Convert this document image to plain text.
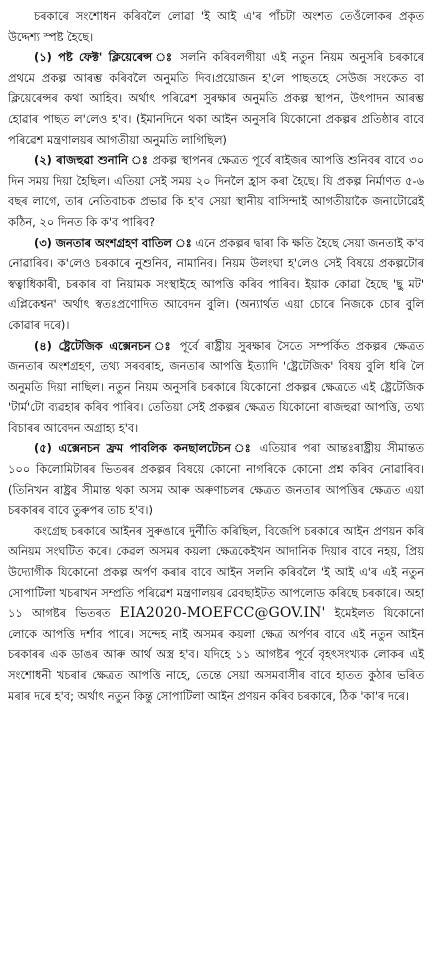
চৰকাৰে সংশোধন কৰিবলৈ লোৱা 'ই আই এ'ৰ পাঁচটা অংশত তেওঁলোকৰ প্ৰকৃত উদ্দেশ্য স্পষ্ট হৈছে।

(১) পষ্ট ফেক্ট' ক্লিয়েৰেন্স ঃ সলনি কৰিবলগীয়া এই নতুন নিয়ম অনুসৰি চৰকাৰে প্ৰথমে প্ৰকল্প আৰম্ভ কৰিবলৈ অনুমতি দিব।প্ৰয়োজন হ'লে পাছতহে সেউজ সংকেত বা ক্লিয়েৰেন্সৰ কথা আহিব। অৰ্থাৎ পৰিৱেশ সুৰক্ষাৰ অনুমতি প্ৰকল্প স্থাপন, উৎপাদন আৰম্ভ হোৱাৰ পাছত ল'লেও হ'ব। (ইমানদিনে থকা আইন অনুসৰি যিকোনো প্ৰকল্পৰ প্ৰতিষ্ঠাৰ বাবে পৰিৱেশ মন্ত্ৰণালয়ৰ আগতীয়া অনুমতি লাগিছিল)

(২) ৰাজহুৱা শুনানি ঃ প্ৰকল্প স্থাপনৰ ক্ষেত্ৰত পূৰ্বে ৰাইজৰ আপত্তি শুনিবৰ বাবে ৩০ দিন সময় দিয়া হৈছিল। এতিয়া সেই সময় ২০ দিনলৈ হ্ৰাস কৰা হৈছে। যি প্ৰকল্প নিৰ্মাণত ৫-৬ বছৰ লাগে, তাৰ নেতিবাচক প্ৰভাৱ কি হ'ব সেয়া স্থানীয় বাসিন্দাই আগতীয়াকৈ জনাটোৱেই কঠিন, ২০ দিনত কি ক'ব পাৰিব?

(৩) জনতাৰ অংশগ্ৰহণ বাতিল ঃ এনে প্ৰকল্পৰ দ্বাৰা কি ক্ষতি হৈছে সেয়া জনতাই ক'ব নোৱাৰিব। ক'লেও চৰকাৰে নুশুনিব, নামানিব। নিয়ম উলংঘা হ'লেও সেই বিষয়ে প্ৰকল্পটোৰ স্বত্বাধিকাৰী, চৰকাৰ বা নিয়ামক সংস্থাইহে আপত্তি কৰিব পাৰিব। ইয়াক কোৱা হৈছে 'ছু মট' এপ্লিকেশ্বন' অৰ্থাৎ স্বতঃপ্ৰণোদিত আবেদন বুলি। (অন্যাৰ্থত এয়া চোৰে নিজকে চোৰ বুলি কোৱাৰ দৰে)।

(৪) ষ্ট্ৰেটেজিক এক্সেনচন ঃ পূৰ্বে ৰাষ্ট্ৰীয় সুৰক্ষাৰ সৈতে সম্পৰ্কিত প্ৰকল্পৰ ক্ষেত্ৰত জনতাৰ অংশগ্ৰহণ, তথ্য সৰবৰাহ, জনতাৰ আপত্তি ইত্যাদি 'ষ্ট্ৰেটেজিক' বিষয় বুলি ধৰি লৈ অনুমতি দিয়া নাছিল। নতুন নিয়ম অনুসৰি চৰকাৰে যিকোনো প্ৰকল্পৰ ক্ষেত্ৰতে এই ষ্ট্ৰেটেজিক 'টাৰ্ম'টো ব্যৱহাৰ কৰিব পাৰিব। তেতিয়া সেই প্ৰকল্পৰ ক্ষেত্ৰত যিকোনো ৰাজহুৱা আপত্তি, তথ্য বিচাৰৰ আবেদন অগ্ৰাহ্য হ'ব।

(৫) এক্সেনচন ফ্ৰম পাবলিক কনছালটেচন ঃ এতিয়াৰ পৰা আন্তঃৰাষ্ট্ৰীয় সীমান্তত ১০০ কিলোমিটাৰৰ ভিতৰৰ প্ৰকল্পৰ বিষয়ে কোনো নাগৰিকে কোনো প্ৰশ্ন কৰিব নোৱাৰিব।(তিনিখন ৰাষ্ট্ৰৰ সীমান্ত থকা অসম আৰু অৰুণাচলৰ ক্ষেত্ৰত জনতাৰ আপত্তিৰ ক্ষেত্ৰত এয়া চৰকাৰৰ বাবে তুৰুপৰ তাচ হ'ব।)

কংগ্ৰেছ চৰকাৰে আইনৰ সুৰুঙাৰে দুৰ্নীতি কৰিছিল, বিজেপি চৰকাৰে আইন প্ৰণয়ন কৰি অনিয়ম সংঘটিত কৰে। কেৱল অসমৰ কয়লা ক্ষেত্ৰকেইখন আদানিক দিয়াৰ বাবে নহয়, প্ৰিয় উদ্যোগীক যিকোনো প্ৰকল্প অৰ্পণ কৰাৰ বাবে আইন সলনি কৰিবলৈ 'ই আই এ'ৰ এই নতুন সোপাটিলা খচৰাখন সম্প্ৰতি পৰিৱেশ মন্ত্ৰণালয়ৰ ৱেবছাইটত আপলোড কৰিছে চৰকাৰে। অহা ১১ আগষ্টৰ ভিতৰত EIA2020-MOEFCC@GOV.IN' ইমেইলত যিকোনো লোকে আপত্তি দৰ্শাব পাৰে। সন্দেহ নাই অসমৰ কয়লা ক্ষেত্ৰ অৰ্পণৰ বাবে এই নতুন আইন চৰকাৰৰ এক ডাঙৰ আৰু আৰ্থ অস্ত্ৰ হ'ব। যদিহে ১১ আগষ্টৰ পূৰ্বে বৃহৎসংখ্যক লোকৰ এই সংশোধনী খচৰাৰ ক্ষেত্ৰত আপত্তি নাহে, তেন্তে সেয়া অসমবাসীৰ বাবে হাতত কুঠাৰ ভৰিত মৰাৰ দৰে হ'ব; অৰ্থাৎ নতুন কিন্তু সোপাটিলা আইন প্ৰণয়ন কৰিব চৰকাৰে, ঠিক 'কা'ৰ দৰে।
